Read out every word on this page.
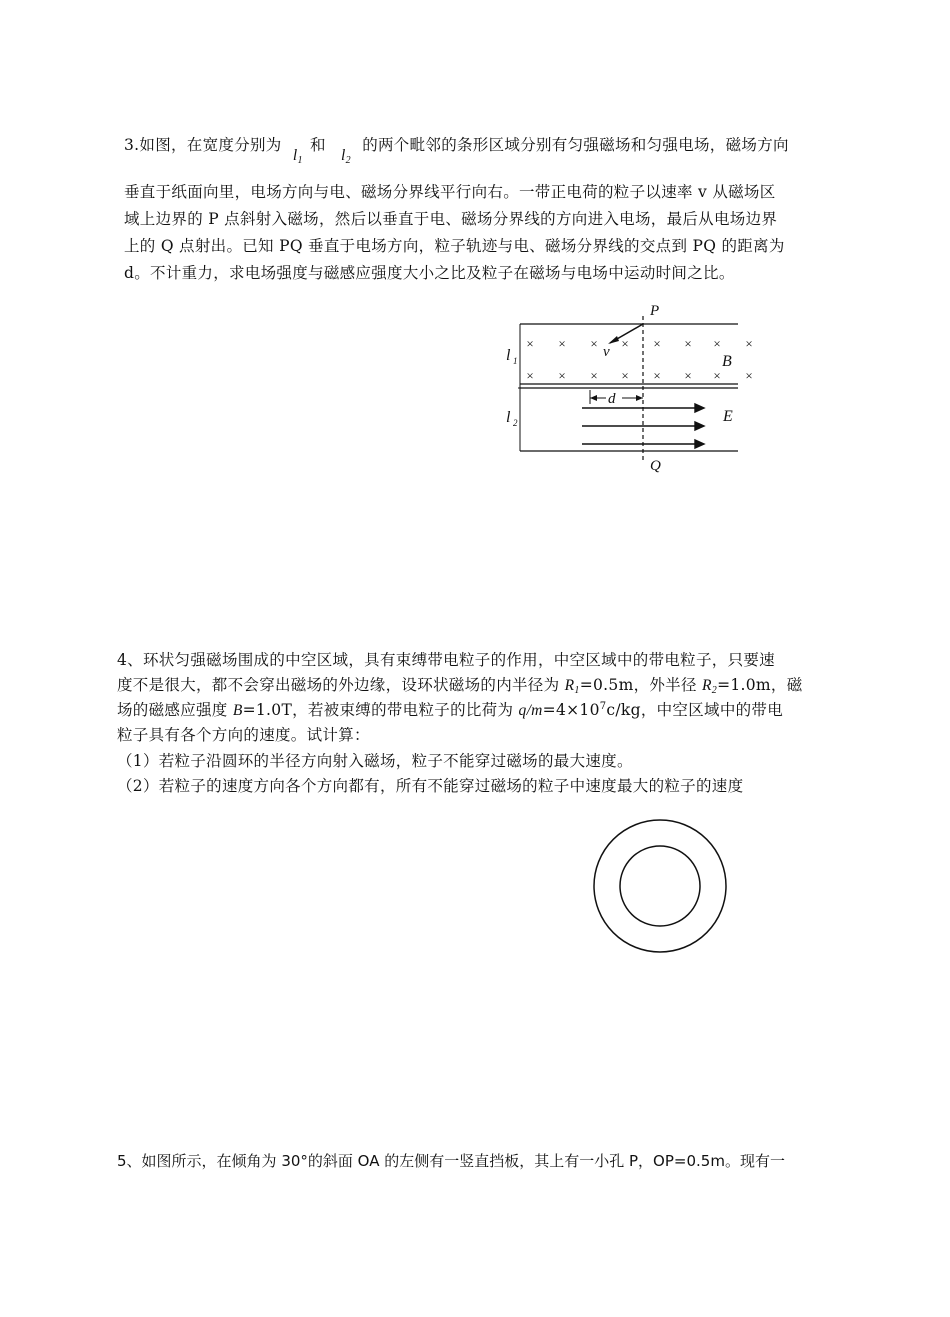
3.如图，在宽度分别为 $l_1$ 和 $l_2$ 的两个毗邻的条形区域分别有匀强磁场和匀强电场，磁场方向
垂直于纸面向里，电场方向与电、磁场分界线平行向右。一带正电荷的粒子以速率 v 从磁场区
域上边界的 P 点斜射入磁场，然后以垂直于电、磁场分界线的方向进入电场，最后从电场边界
上的 Q 点射出。已知 PQ 垂直于电场方向，粒子轨迹与电、磁场分界线的交点到 PQ 的距离为
d。不计重力，求电场强度与磁感应强度大小之比及粒子在磁场与电场中运动时间之比。
× × × × × × × ×
× × × × × × × ×
P
Q
v
B
E
d
l 1
l 2
4、环状匀强磁场围成的中空区域，具有束缚带电粒子的作用，中空区域中的带电粒子，只要速
度不是很大，都不会穿出磁场的外边缘，设环状磁场的内半径为 $R_1=0.5m$，外半径 $R_2=1.0m$，磁
场的磁感应强度 B=1.0T，若被束缚的带电粒子的比荷为 $q/m=4\times 10^7c/kg$，中空区域中的带电
粒子具有各个方向的速度。试计算：
（1）若粒子沿圆环的半径方向射入磁场，粒子不能穿过磁场的最大速度。
（2）若粒子的速度方向各个方向都有，所有不能穿过磁场的粒子中速度最大的粒子的速度
5、如图所示，在倾角为 30°的斜面 OA 的左侧有一竖直挡板，其上有一小孔 P，OP=0.5m。现有一
